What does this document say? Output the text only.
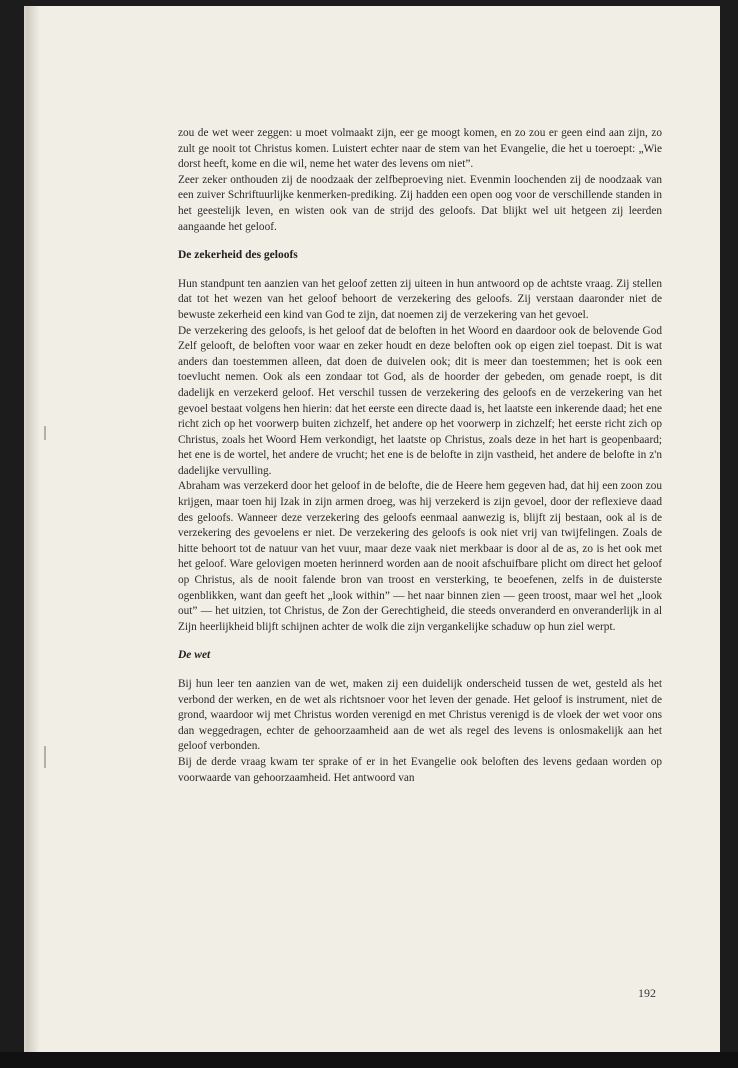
zou de wet weer zeggen: u moet volmaakt zijn, eer ge moogt komen, en zo zou er geen eind aan zijn, zo zult ge nooit tot Christus komen. Luistert echter naar de stem van het Evangelie, die het u toeroept: „Wie dorst heeft, kome en die wil, neme het water des levens om niet”.

Zeer zeker onthouden zij de noodzaak der zelfbeproeving niet. Evenmin loochenden zij de noodzaak van een zuiver Schriftuurlijke kenmerken-prediking. Zij hadden een open oog voor de verschillende standen in het geestelijk leven, en wisten ook van de strijd des geloofs. Dat blijkt wel uit hetgeen zij leerden aangaande het geloof.

De zekerheid des geloofs

Hun standpunt ten aanzien van het geloof zetten zij uiteen in hun antwoord op de achtste vraag. Zij stellen dat tot het wezen van het geloof behoort de verzekering des geloofs. Zij verstaan daaronder niet de bewuste zekerheid een kind van God te zijn, dat noemen zij de verzekering van het gevoel.

De verzekering des geloofs, is het geloof dat de beloften in het Woord en daardoor ook de belovende God Zelf gelooft, de beloften voor waar en zeker houdt en deze beloften ook op eigen ziel toepast. Dit is wat anders dan toestemmen alleen, dat doen de duivelen ook; dit is meer dan toestemmen; het is ook een toevlucht nemen. Ook als een zondaar tot God, als de hoorder der gebeden, om genade roept, is dit dadelijk en verzekerd geloof. Het verschil tussen de verzekering des geloofs en de verzekering van het gevoel bestaat volgens hen hierin: dat het eerste een directe daad is, het laatste een inkerende daad; het ene richt zich op het voorwerp buiten zichzelf, het andere op het voorwerp in zichzelf; het eerste richt zich op Christus, zoals het Woord Hem verkondigt, het laatste op Christus, zoals deze in het hart is geopenbaard; het ene is de wortel, het andere de vrucht; het ene is de belofte in zijn vastheid, het andere de belofte in z'n dadelijke vervulling.

Abraham was verzekerd door het geloof in de belofte, die de Heere hem gegeven had, dat hij een zoon zou krijgen, maar toen hij Izak in zijn armen droeg, was hij verzekerd is zijn gevoel, door der reflexieve daad des geloofs. Wanneer deze verzekering des geloofs eenmaal aanwezig is, blijft zij bestaan, ook al is de verzekering des gevoelens er niet. De verzekering des geloofs is ook niet vrij van twijfelingen. Zoals de hitte behoort tot de natuur van het vuur, maar deze vaak niet merkbaar is door al de as, zo is het ook met het geloof. Ware gelovigen moeten herinnerd worden aan de nooit afschuifbare plicht om direct het geloof op Christus, als de nooit falende bron van troost en versterking, te beoefenen, zelfs in de duisterste ogenblikken, want dan geeft het „look within” — het naar binnen zien — geen troost, maar wel het „look out” — het uitzien, tot Christus, de Zon der Gerechtigheid, die steeds onveranderd en onveranderlijk in al Zijn heerlijkheid blijft schijnen achter de wolk die zijn vergankelijke schaduw op hun ziel werpt.

De wet

Bij hun leer ten aanzien van de wet, maken zij een duidelijk onderscheid tussen de wet, gesteld als het verbond der werken, en de wet als richtsnoer voor het leven der genade. Het geloof is instrument, niet de grond, waardoor wij met Christus worden verenigd en met Christus verenigd is de vloek der wet voor ons dan weggedragen, echter de gehoorzaamheid aan de wet als regel des levens is onlosmakelijk aan het geloof verbonden.

Bij de derde vraag kwam ter sprake of er in het Evangelie ook beloften des levens gedaan worden op voorwaarde van gehoorzaamheid. Het antwoord van

192
